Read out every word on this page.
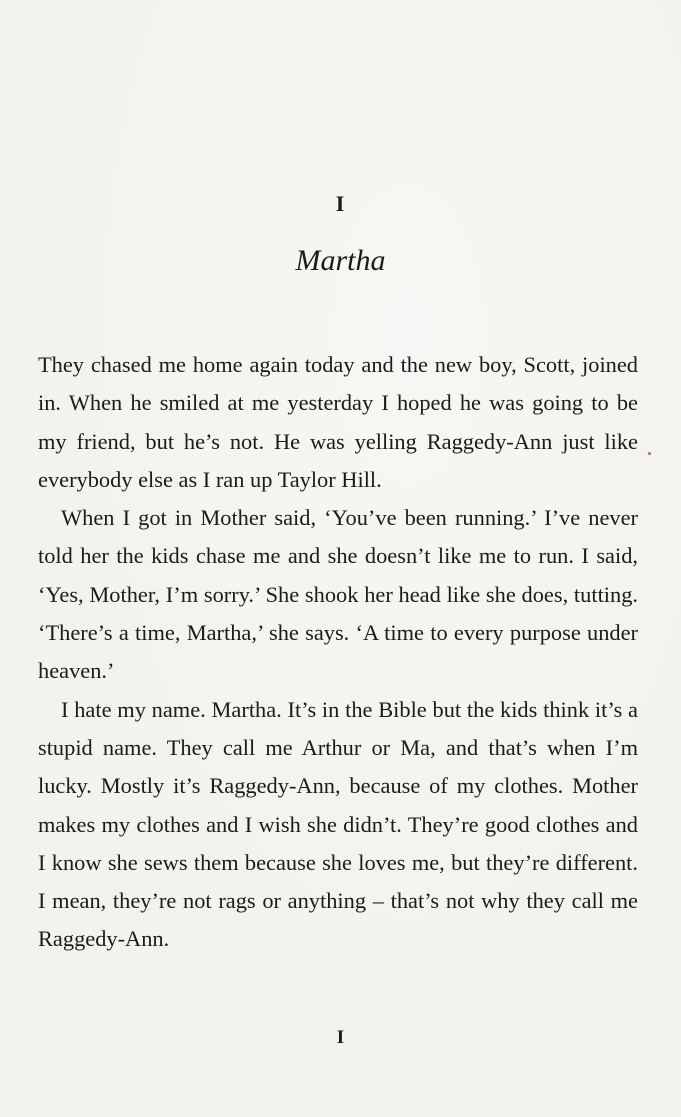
I
Martha

They chased me home again today and the new boy, Scott, joined in. When he smiled at me yesterday I hoped he was going to be my friend, but he’s not. He was yelling Raggedy-Ann just like everybody else as I ran up Taylor Hill.

When I got in Mother said, ‘You’ve been running.’ I’ve never told her the kids chase me and she doesn’t like me to run. I said, ‘Yes, Mother, I’m sorry.’ She shook her head like she does, tutting. ‘There’s a time, Martha,’ she says. ‘A time to every purpose under heaven.’

I hate my name. Martha. It’s in the Bible but the kids think it’s a stupid name. They call me Arthur or Ma, and that’s when I’m lucky. Mostly it’s Raggedy-Ann, because of my clothes. Mother makes my clothes and I wish she didn’t. They’re good clothes and I know she sews them because she loves me, but they’re different. I mean, they’re not rags or anything – that’s not why they call me Raggedy-Ann.

I
